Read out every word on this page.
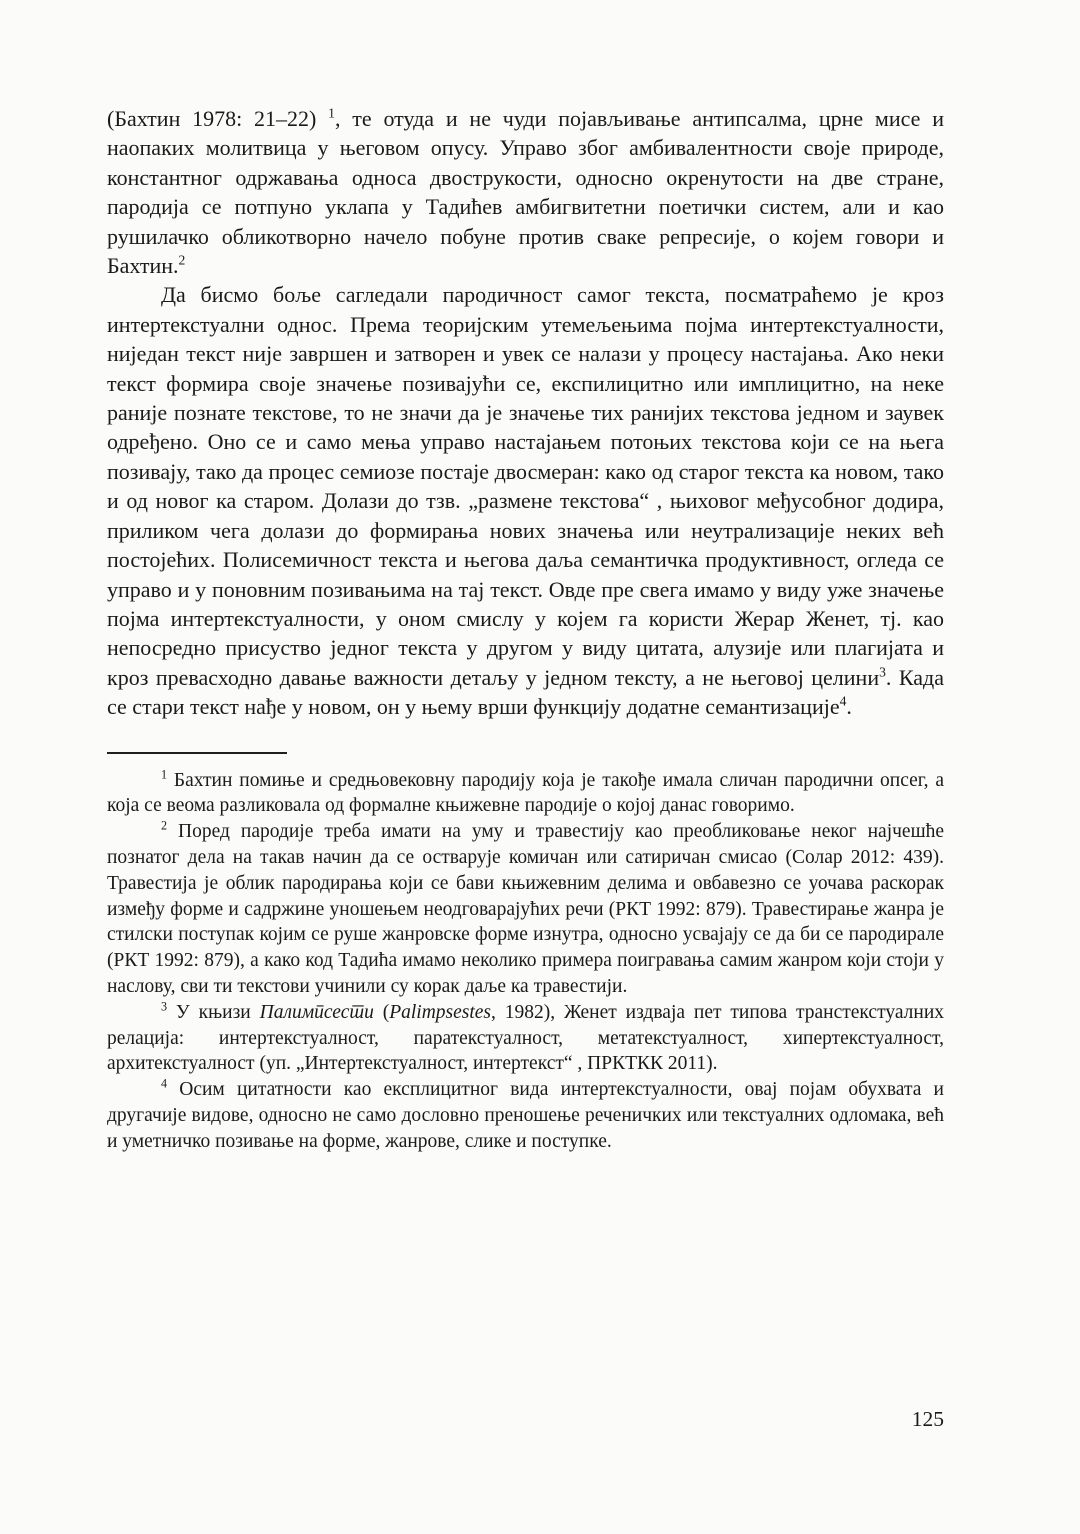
(Бахтин 1978: 21–22) $^1$, те отуда и не чуди појављивање антипсалма, црне мисе и наопаких молитвица у његовом опусу. Управо због амбивалентности своје природе, константног одржавања односа двострукости, односно окренутости на две стране, пародија се потпуно уклапа у Тадићев амбигвитетни поетички систем, али и као рушилачко обликотворно начело побуне против сваке репресије, о којем говори и Бахтин.$^2$

Да бисмо боље сагледали пародичност самог текста, посматраћемо је кроз интертекстуални однос. Према теоријским утемељењима појма интертекстуалности, ниједан текст није завршен и затворен и увек се налази у процесу настајања. Ако неки текст формира своје значење позивајући се, експилицитно или имплицитно, на неке раније познате текстове, то не значи да је значење тих ранијих текстова једном и заувек одређено. Оно се и само мења управо настајањем потоњих текстова који се на њега позивају, тако да процес семиозе постаје двосмеран: како од старог текста ка новом, тако и од новог ка старом. Долази до тзв. „размене текстова“ , њиховог међусобног додира, приликом чега долази до формирања нових значења или неутрализације неких већ постојећих. Полисемичност текста и његова даља семантичка продуктивност, огледа се управо и у поновним позивањима на тај текст. Овде пре свега имамо у виду уже значење појма интертекстуалности, у оном смислу у којем га користи Жерар Женет, тј. као непосредно присуство једног текста у другом у виду цитата, алузије или плагијата и кроз превасходно давање важности детаљу у једном тексту, а не његовој целини$^3$. Када се стари текст нађе у новом, он у њему врши функцију додатне семантизације$^4$.

$^1$ Бахтин помиње и средњовековну пародију која је такође имала сличан пародични опсег, а која се веома разликовала од формалне књижевне пародије о којој данас говоримо.

$^2$ Поред пародије треба имати на уму и травестију као преобликовање неког најчешће познатог дела на такав начин да се остварује комичан или сатиричан смисао (Солар 2012: 439). Травестија је облик пародирања који се бави књижевним делима и овбавезно се уочава раскорак између форме и садржине уношењем неодговарајућих речи (РКТ 1992: 879). Травестирање жанра је стилски поступак којим се руше жанровске форме изнутра, односно усвајају се да би се пародирале (РКТ 1992: 879), а како код Тадића имамо неколико примера поигравања самим жанром који стоји у наслову, сви ти текстови учинили су корак даље ка травестији.

$^3$ У књизи Палимпсести (Palimpsestes, 1982), Женет издваја пет типова транстекстуалних релација: интертекстуалност, паратекстуалност, метатекстуалност, хипертекстуалност, архитекстуалност (уп. „Интертекстуалност, интертекст“ , ПРКТКК 2011).

$^4$ Осим цитатности као експлицитног вида интертекстуалности, овај појам обухвата и другачије видове, односно не само дословно преношење реченичких или текстуалних одломака, већ и уметничко позивање на форме, жанрове, слике и поступке.

125
